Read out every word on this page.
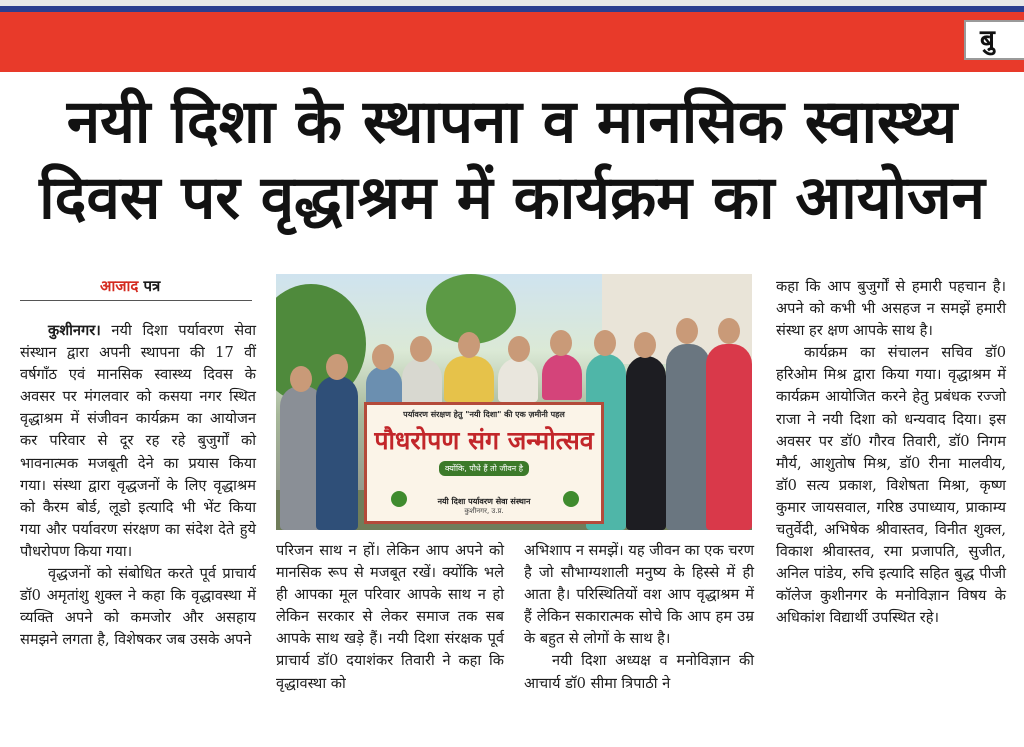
बु
नयी दिशा के स्थापना व मानसिक स्वास्थ्य
दिवस पर वृद्धाश्रम में कार्यक्रम का आयोजन
आजाद पत्र

कुशीनगर। नयी दिशा पर्यावरण सेवा संस्थान द्वारा अपनी स्थापना की 17 वीं वर्षगाँठ एवं मानसिक स्वास्थ्य दिवस के अवसर पर मंगलवार को कसया नगर स्थित वृद्धाश्रम में संजीवन कार्यक्रम का आयोजन कर परिवार से दूर रह रहे बुजुर्गों को भावनात्मक मजबूती देने का प्रयास किया गया। संस्था द्वारा वृद्धजनों के लिए वृद्धाश्रम को कैरम बोर्ड, लूडो इत्यादि भी भेंट किया गया और पर्यावरण संरक्षण का संदेश देते हुये पौधरोपण किया गया।

वृद्धजनों को संबोधित करते पूर्व प्राचार्य डॉ0 अमृतांशु शुक्ल ने कहा कि वृद्धावस्था में व्यक्ति अपने को कमजोर और असहाय समझने लगता है, विशेषकर जब उसके अपने

पर्यावरण संरक्षण हेतु "नयी दिशा" की एक ज़मीनी पहल
पौधरोपण संग जन्मोत्सव
क्योंकि, पौधे हैं तो जीवन है
नयी दिशा पर्यावरण सेवा संस्थान
कुशीनगर, उ.प्र.

परिजन साथ न हों। लेकिन आप अपने को मानसिक रूप से मजबूत रखें। क्योंकि भले ही आपका मूल परिवार आपके साथ न हो लेकिन सरकार से लेकर समाज तक सब आपके साथ खड़े हैं। नयी दिशा संरक्षक पूर्व प्राचार्य डॉ0 दयाशंकर तिवारी ने कहा कि वृद्धावस्था को

अभिशाप न समझें। यह जीवन का एक चरण है जो सौभाग्यशाली मनुष्य के हिस्से में ही आता है। परिस्थितियों वश आप वृद्धाश्रम में हैं लेकिन सकारात्मक सोचे कि आप हम उम्र के बहुत से लोगों के साथ है।

नयी दिशा अध्यक्ष व मनोविज्ञान की आचार्य डॉ0 सीमा त्रिपाठी ने

कहा कि आप बुजुर्गों से हमारी पहचान है। अपने को कभी भी असहज न समझें हमारी संस्था हर क्षण आपके साथ है।

कार्यक्रम का संचालन सचिव डॉ0 हरिओम मिश्र द्वारा किया गया। वृद्धाश्रम में कार्यक्रम आयोजित करने हेतु प्रबंधक रज्जो राजा ने नयी दिशा को धन्यवाद दिया। इस अवसर पर डॉ0 गौरव तिवारी, डॉ0 निगम मौर्य, आशुतोष मिश्र, डॉ0 रीना मालवीय, डॉ0 सत्य प्रकाश, विशेषता मिश्रा, कृष्ण कुमार जायसवाल, गरिष्ठ उपाध्याय, प्राकाम्य चतुर्वेदी, अभिषेक श्रीवास्तव, विनीत शुक्ल, विकाश श्रीवास्तव, रमा प्रजापति, सुजीत, अनिल पांडेय, रुचि इत्यादि सहित बुद्ध पीजी कॉलेज कुशीनगर के मनोविज्ञान विषय के अधिकांश विद्यार्थी उपस्थित रहे।
